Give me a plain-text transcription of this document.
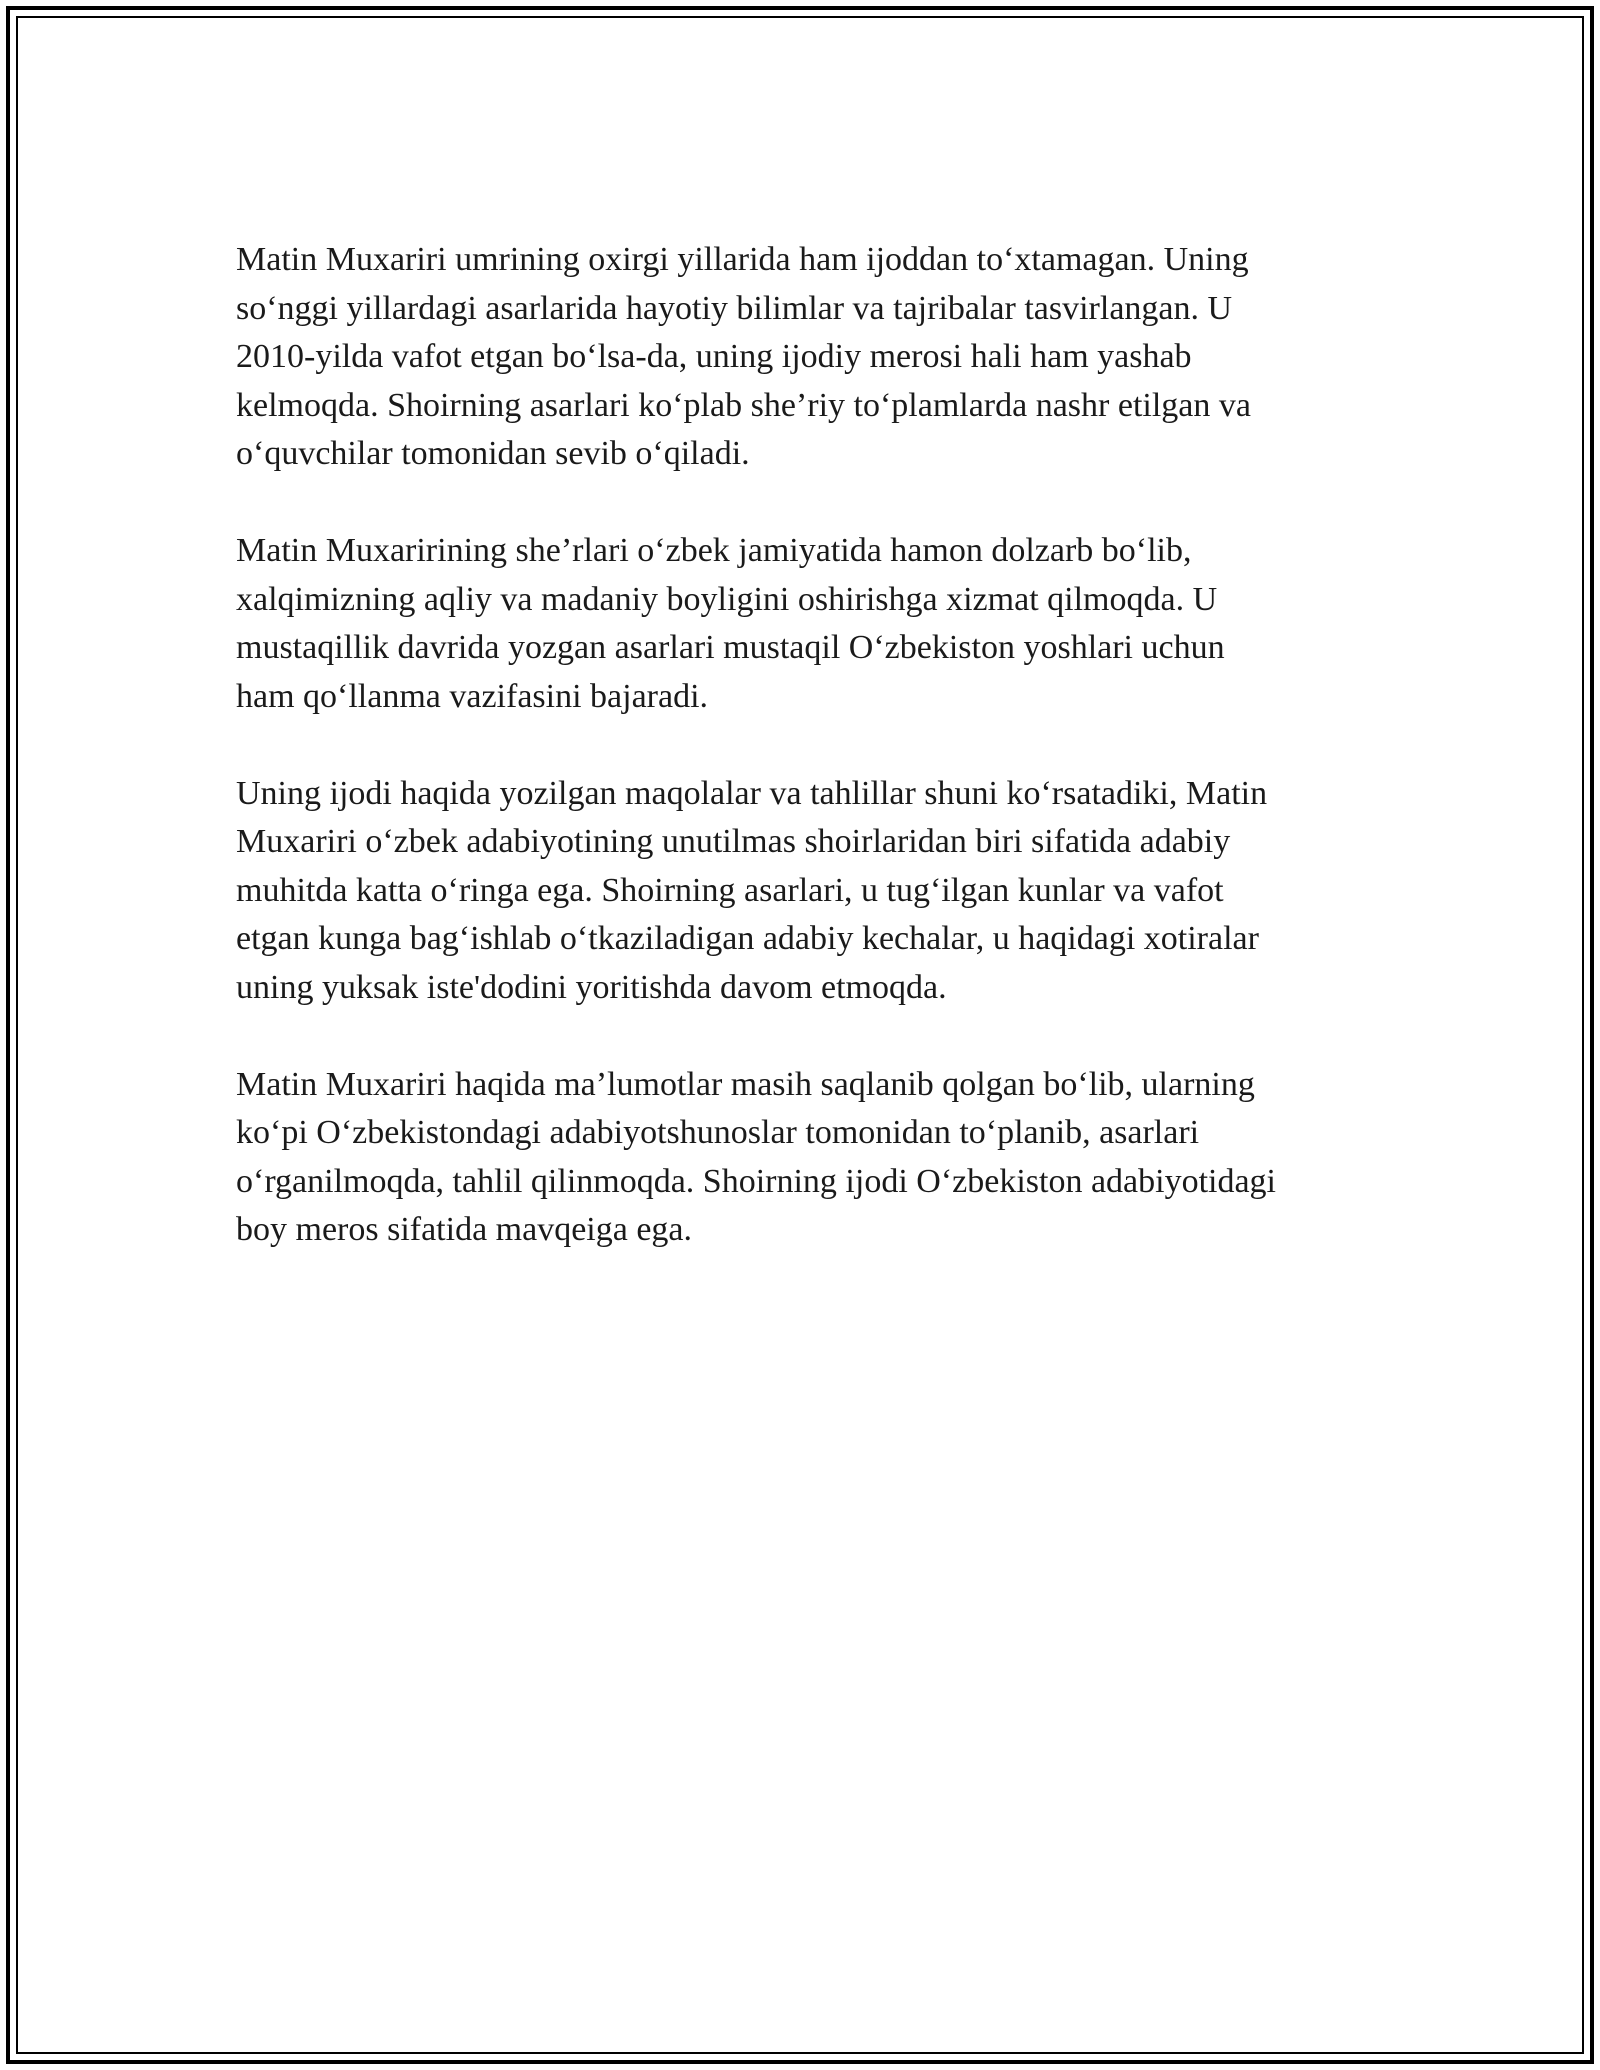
Matin Muxariri umrining oxirgi yillarida ham ijoddan to‘xtamagan. Uning
so‘nggi yillardagi asarlarida hayotiy bilimlar va tajribalar tasvirlangan. U
2010-yilda vafot etgan bo‘lsa-da, uning ijodiy merosi hali ham yashab
kelmoqda. Shoirning asarlari ko‘plab she’riy to‘plamlarda nashr etilgan va
o‘quvchilar tomonidan sevib o‘qiladi.

Matin Muxaririning she’rlari o‘zbek jamiyatida hamon dolzarb bo‘lib,
xalqimizning aqliy va madaniy boyligini oshirishga xizmat qilmoqda. U
mustaqillik davrida yozgan asarlari mustaqil O‘zbekiston yoshlari uchun
ham qo‘llanma vazifasini bajaradi.

Uning ijodi haqida yozilgan maqolalar va tahlillar shuni ko‘rsatadiki, Matin
Muxariri o‘zbek adabiyotining unutilmas shoirlaridan biri sifatida adabiy
muhitda katta o‘ringa ega. Shoirning asarlari, u tug‘ilgan kunlar va vafot
etgan kunga bag‘ishlab o‘tkaziladigan adabiy kechalar, u haqidagi xotiralar
uning yuksak iste'dodini yoritishda davom etmoqda.

Matin Muxariri haqida ma’lumotlar masih saqlanib qolgan bo‘lib, ularning
ko‘pi O‘zbekistondagi adabiyotshunoslar tomonidan to‘planib, asarlari
o‘rganilmoqda, tahlil qilinmoqda. Shoirning ijodi O‘zbekiston adabiyotidagi
boy meros sifatida mavqeiga ega.
